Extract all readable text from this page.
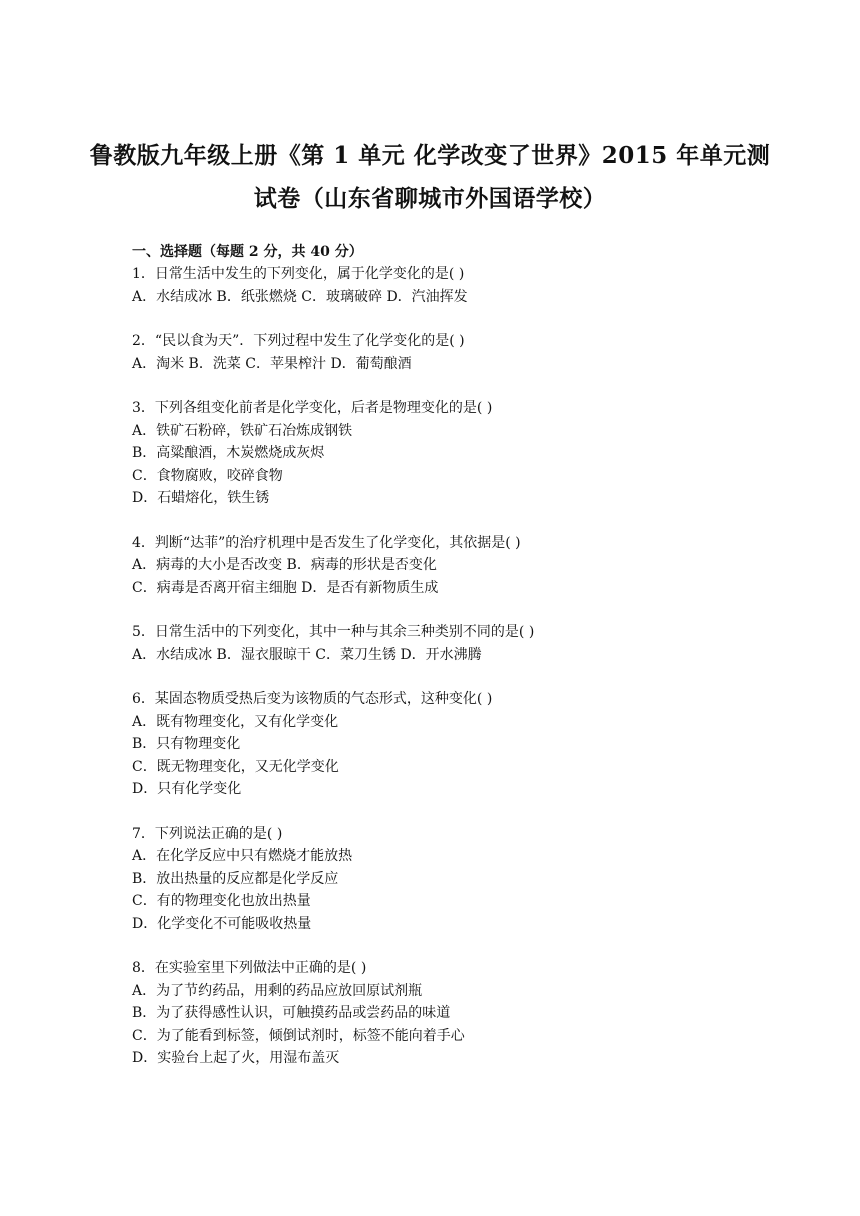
鲁教版九年级上册《第 1 单元 化学改变了世界》2015 年单元测
试卷（山东省聊城市外国语学校）
一、选择题（每题 2 分，共 40 分）
1．日常生活中发生的下列变化，属于化学变化的是( )
A．水结成冰 B．纸张燃烧 C．玻璃破碎 D．汽油挥发
2．“民以食为天”．下列过程中发生了化学变化的是( )
A．淘米 B．洗菜 C．苹果榨汁 D．葡萄酿酒
3．下列各组变化前者是化学变化，后者是物理变化的是( )
A．铁矿石粉碎，铁矿石冶炼成钢铁
B．高粱酿酒，木炭燃烧成灰烬
C．食物腐败，咬碎食物
D．石蜡熔化，铁生锈
4．判断“达菲”的治疗机理中是否发生了化学变化，其依据是( )
A．病毒的大小是否改变 B．病毒的形状是否变化
C．病毒是否离开宿主细胞 D．是否有新物质生成
5．日常生活中的下列变化，其中一种与其余三种类别不同的是( )
A．水结成冰 B．湿衣服晾干 C．菜刀生锈 D．开水沸腾
6．某固态物质受热后变为该物质的气态形式，这种变化( )
A．既有物理变化，又有化学变化
B．只有物理变化
C．既无物理变化，又无化学变化
D．只有化学变化
7．下列说法正确的是( )
A．在化学反应中只有燃烧才能放热
B．放出热量的反应都是化学反应
C．有的物理变化也放出热量
D．化学变化不可能吸收热量
8．在实验室里下列做法中正确的是( )
A．为了节约药品，用剩的药品应放回原试剂瓶
B．为了获得感性认识，可触摸药品或尝药品的味道
C．为了能看到标签，倾倒试剂时，标签不能向着手心
D．实验台上起了火，用湿布盖灭
